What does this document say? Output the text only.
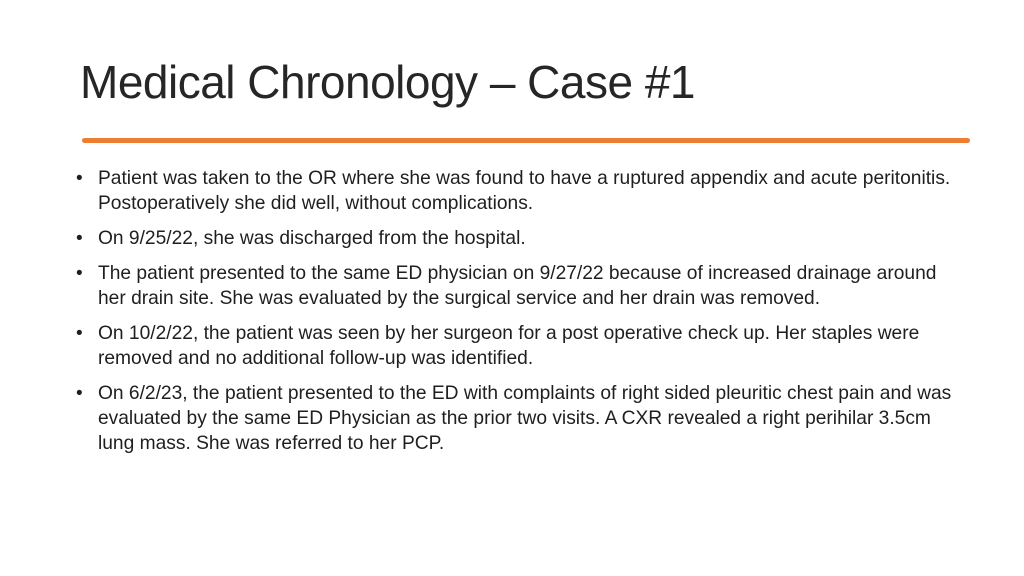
Medical Chronology – Case #1
• Patient was taken to the OR where she was found to have a ruptured appendix and acute peritonitis. Postoperatively she did well, without complications.
• On 9/25/22, she was discharged from the hospital.
• The patient presented to the same ED physician on 9/27/22 because of increased drainage around her drain site. She was evaluated by the surgical service and her drain was removed.
• On 10/2/22, the patient was seen by her surgeon for a post operative check up. Her staples were removed and no additional follow-up was identified.
• On 6/2/23, the patient presented to the ED with complaints of right sided pleuritic chest pain and was evaluated by the same ED Physician as the prior two visits. A CXR revealed a right perihilar 3.5cm lung mass. She was referred to her PCP.
